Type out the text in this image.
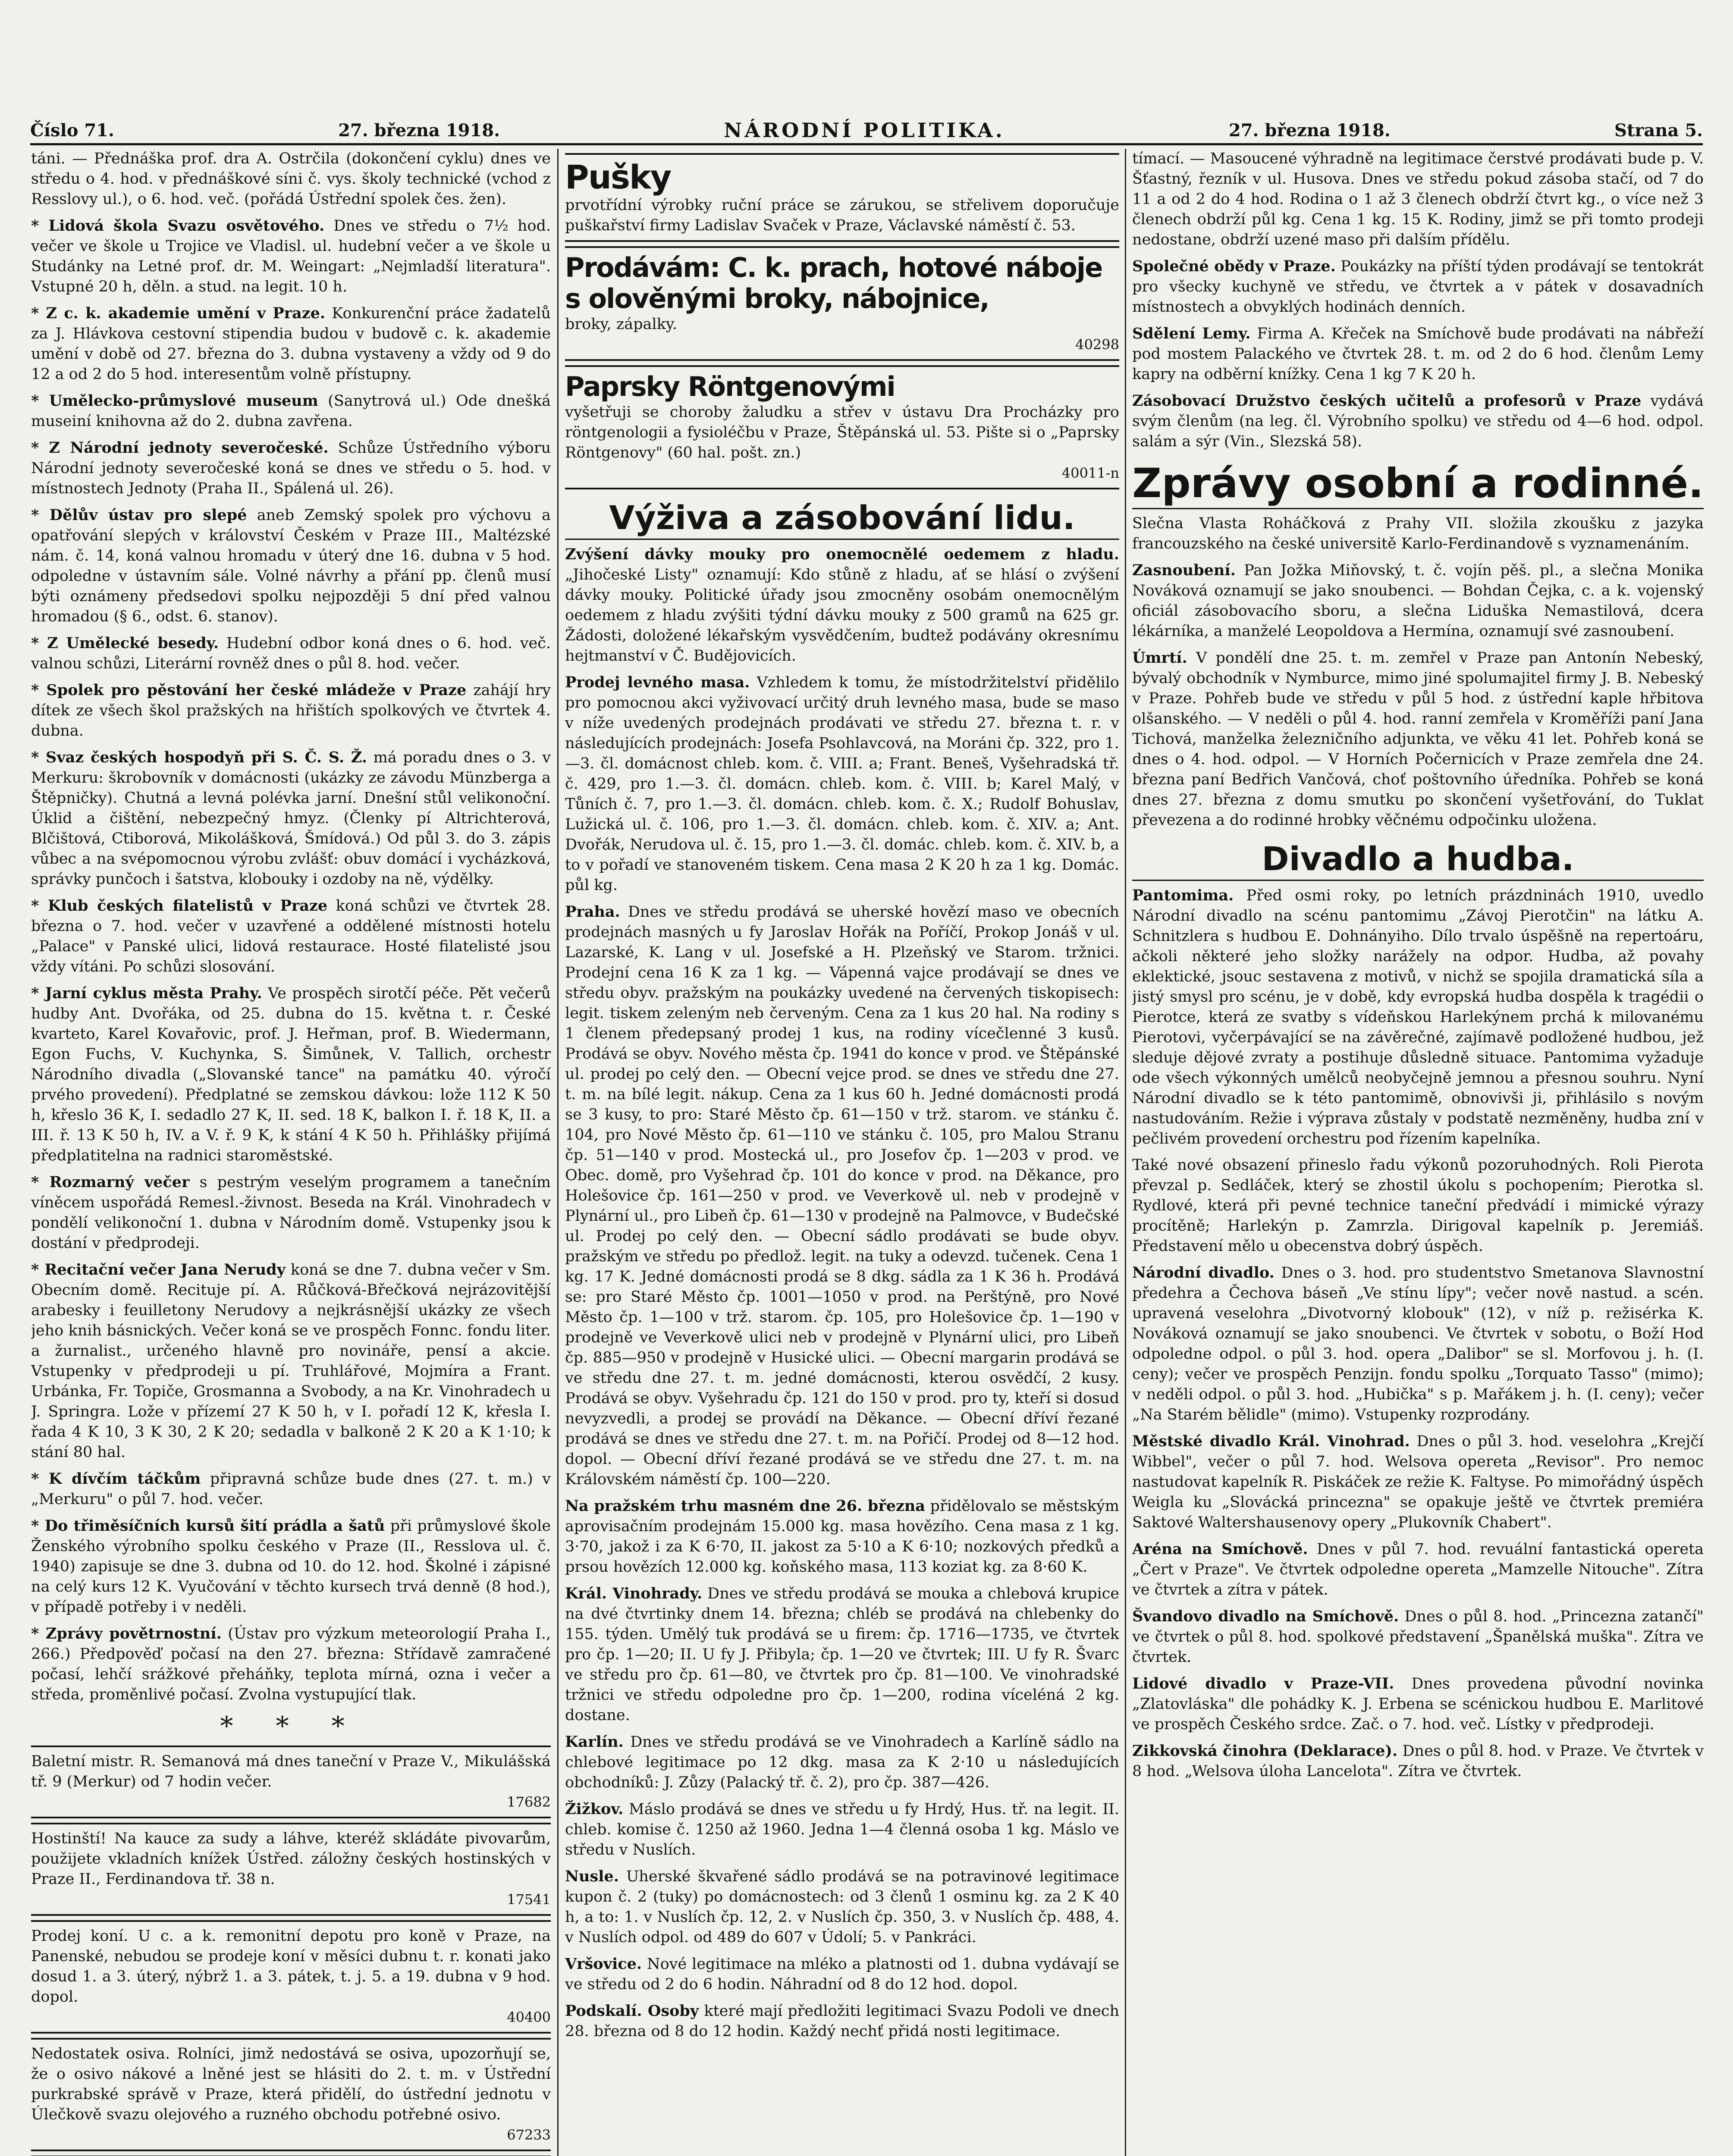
Číslo 71.	27. března 1918.	NÁRODNÍ POLITIKA.	27. března 1918.	Strana 5.

táni. — Přednáška prof. dra A. Ostrčila (dokončení cyklu) dnes ve středu o 4. hod. v přednáškové síni č. vys. školy technické (vchod z Resslovy ul.), o 6. hod. več. (pořádá Ústřední spolek čes. žen).

* Lidová škola Svazu osvětového. Dnes ve středu o 7½ hod. večer ve škole u Trojice ve Vladisl. ul. hudební večer a ve škole u Studánky na Letné prof. dr. M. Weingart: „Nejmladší literatura". Vstupné 20 h, děln. a stud. na legit. 10 h.

* Z c. k. akademie umění v Praze. Konkurenční práce žadatelů za J. Hlávkova cestovní stipendia budou v budově c. k. akademie umění v době od 27. března do 3. dubna vystaveny a vždy od 9 do 12 a od 2 do 5 hod. interesentům volně přístupny.

* Umělecko-průmyslové museum (Sanytrová ul.) Ode dnešká museiní knihovna až do 2. dubna zavřena.

* Z Národní jednoty severočeské. Schůze Ústředního výboru Národní jednoty severočeské koná se dnes ve středu o 5. hod. v místnostech Jednoty (Praha II., Spálená ul. 26).

* Dělův ústav pro slepé aneb Zemský spolek pro výchovu a opatřování slepých v království Českém v Praze III., Maltézské nám. č. 14, koná valnou hromadu v úterý dne 16. dubna v 5 hod. odpoledne v ústavním sále. Volné návrhy a přání pp. členů musí býti oznámeny předsedovi spolku nejpozději 5 dní před valnou hromadou (§ 6., odst. 6. stanov).

* Z Umělecké besedy. Hudební odbor koná dnes o 6. hod. več. valnou schůzi, Literární rovněž dnes o půl 8. hod. večer.

* Spolek pro pěstování her české mládeže v Praze zahájí hry dítek ze všech škol pražských na hřištích spolkových ve čtvrtek 4. dubna.

* Svaz českých hospodyň při S. Č. S. Ž. má poradu dnes o 3. v Merkuru: škrobovník v domácnosti (ukázky ze závodu Münzberga a Štěpničky). Chutná a levná polévka jarní. Dnešní stůl velikonoční. Úklid a čištění, nebezpečný hmyz. (Členky pí Altrichterová, Blčištová, Ctiborová, Mikolášková, Šmídová.) Od půl 3. do 3. zápis vůbec a na svépomocnou výrobu zvlášť: obuv domácí i vycházková, správky punčoch i šatstva, klobouky i ozdoby na ně, výdělky.

* Klub českých filatelistů v Praze koná schůzi ve čtvrtek 28. března o 7. hod. večer v uzavřené a oddělené místnosti hotelu „Palace" v Panské ulici, lidová restaurace. Hosté filatelisté jsou vždy vítáni. Po schůzi slosování.

* Jarní cyklus města Prahy. Ve prospěch sirotčí péče. Pět večerů hudby Ant. Dvořáka, od 25. dubna do 15. května t. r. České kvarteto, Karel Kovařovic, prof. J. Heřman, prof. B. Wiedermann, Egon Fuchs, V. Kuchynka, S. Šimůnek, V. Tallich, orchestr Národního divadla („Slovanské tance" na památku 40. výročí prvého provedení). Předplatné se zemskou dávkou: lože 112 K 50 h, křeslo 36 K, I. sedadlo 27 K, II. sed. 18 K, balkon I. ř. 18 K, II. a III. ř. 13 K 50 h, IV. a V. ř. 9 K, k stání 4 K 50 h. Přihlášky přijímá předplatitelna na radnici staroměstské.

* Rozmarný večer s pestrým veselým programem a tanečním víněcem uspořádá Remesl.-živnost. Beseda na Král. Vinohradech v pondělí velikonoční 1. dubna v Národním domě. Vstupenky jsou k dostání v předprodeji.

* Recitační večer Jana Nerudy koná se dne 7. dubna večer v Sm. Obecním domě. Recituje pí. A. Růčková-Břečková nejrázovitější arabesky i feuilletony Nerudovy a nejkrásnější ukázky ze všech jeho knih básnických. Večer koná se ve prospěch Fonnc. fondu liter. a žurnalist., určeného hlavně pro novináře, pensí a akcie. Vstupenky v předprodeji u pí. Truhlářové, Mojmíra a Frant. Urbánka, Fr. Topiče, Grosmanna a Svobody, a na Kr. Vinohradech u J. Springra. Lože v přízemí 27 K 50 h, v I. pořadí 12 K, křesla I. řada 4 K 10, 3 K 30, 2 K 20; sedadla v balkoně 2 K 20 a K 1·10; k stání 80 hal.

* K dívčím táčkům připravná schůze bude dnes (27. t. m.) v „Merkuru" o půl 7. hod. večer.

* Do třiměsíčních kursů šití prádla a šatů při průmyslové škole Ženského výrobního spolku českého v Praze (II., Resslova ul. č. 1940) zapisuje se dne 3. dubna od 10. do 12. hod. Školné i zápisné na celý kurs 12 K. Vyučování v těchto kursech trvá denně (8 hod.), v případě potřeby i v neděli.

* Zprávy povětrnostní. (Ústav pro výzkum meteorologií Praha I., 266.) Předpověď počasí na den 27. března: Střídavě zamračené počasí, lehčí srážkové přeháňky, teplota mírná, ozna i večer a středa, proměnlivé počasí. Zvolna vystupující tlak.

* * *

Baletní mistr. R. Semanová má dnes taneční v Praze V., Mikulášská tř. 9 (Merkur) od 7 hodin večer.

17682

Hostinští! Na kauce za sudy a láhve, kteréž skládáte pivovarům, použijete vkladních knížek Ústřed. záložny českých hostinských v Praze II., Ferdinandova tř. 38 n.

17541

Prodej koní. U c. a k. remonitní depotu pro koně v Praze, na Panenské, nebudou se prodeje koní v měsíci dubnu t. r. konati jako dosud 1. a 3. úterý, nýbrž 1. a 3. pátek, t. j. 5. a 19. dubna v 9 hod. dopol.

40400

Nedostatek osiva. Rolníci, jimž nedostává se osiva, upozorňují se, že o osivo nákové a lněné jest se hlásiti do 2. t. m. v Ústřední purkrabské správě v Praze, která přidělí, do ústřední jednotu v Úlečkově svazu olejového a ruzného obchodu potřebné osivo.

67233

Pušky

prvotřídní výrobky ruční práce se zárukou, se střelivem doporučuje puškařství firmy Ladislav Svaček v Praze, Václavské náměstí č. 53.

Prodávám: C. k. prach, hotové náboje s olověnými broky, nábojnice,

broky, zápalky.

40298

Paprsky Röntgenovými

vyšetřuji se choroby žaludku a střev v ústavu Dra Procházky pro röntgenologii a fysioléčbu v Praze, Štěpánská ul. 53. Pište si o „Paprsky Röntgenovy" (60 hal. pošt. zn.)

40011-n

Výživa a zásobování lidu.

Zvýšení dávky mouky pro onemocnělé oedemem z hladu. „Jihočeské Listy" oznamují: Kdo stůně z hladu, ať se hlásí o zvýšení dávky mouky. Politické úřady jsou zmocněny osobám onemocnělým oedemem z hladu zvýšiti týdní dávku mouky z 500 gramů na 625 gr. Žádosti, doložené lékařským vysvědčením, budtež podávány okresnímu hejtmanství v Č. Budějovicích.

Prodej levného masa. Vzhledem k tomu, že místodržitelství přidělilo pro pomocnou akci vyživovací určitý druh levného masa, bude se maso v níže uvedených prodejnách prodávati ve středu 27. března t. r. v následujících prodejnách: Josefa Psohlavcová, na Moráni čp. 322, pro 1.—3. čl. domácnost chleb. kom. č. VIII. a; Frant. Beneš, Vyšehradská tř. č. 429, pro 1.—3. čl. domácn. chleb. kom. č. VIII. b; Karel Malý, v Tůních č. 7, pro 1.—3. čl. domácn. chleb. kom. č. X.; Rudolf Bohuslav, Lužická ul. č. 106, pro 1.—3. čl. domácn. chleb. kom. č. XIV. a; Ant. Dvořák, Nerudova ul. č. 15, pro 1.—3. čl. domác. chleb. kom. č. XIV. b, a to v pořadí ve stanoveném tiskem. Cena masa 2 K 20 h za 1 kg. Domác. půl kg.

Praha. Dnes ve středu prodává se uherské hovězí maso ve obecních prodejnách masných u fy Jaroslav Hořák na Poříčí, Prokop Jonáš v ul. Lazarské, K. Lang v ul. Josefské a H. Plzeňský ve Starom. tržnici. Prodejní cena 16 K za 1 kg. — Vápenná vajce prodávají se dnes ve středu obyv. pražským na poukázky uvedené na červených tiskopisech: legit. tiskem zeleným neb červeným. Cena za 1 kus 20 hal. Na rodiny s 1 členem předepsaný prodej 1 kus, na rodiny vícečlenné 3 kusů. Prodává se obyv. Nového města čp. 1941 do konce v prod. ve Štěpánské ul. prodej po celý den. — Obecní vejce prod. se dnes ve středu dne 27. t. m. na bílé legit. nákup. Cena za 1 kus 60 h. Jedné domácnosti prodá se 3 kusy, to pro: Staré Město čp. 61—150 v trž. starom. ve stánku č. 104, pro Nové Město čp. 61—110 ve stánku č. 105, pro Malou Stranu čp. 51—140 v prod. Mostecká ul., pro Josefov čp. 1—203 v prod. ve Obec. domě, pro Vyšehrad čp. 101 do konce v prod. na Děkance, pro Holešovice čp. 161—250 v prod. ve Veverkově ul. neb v prodejně v Plynární ul., pro Libeň čp. 61—130 v prodejně na Palmovce, v Budečské ul. Prodej po celý den. — Obecní sádlo prodávati se bude obyv. pražským ve středu po předlož. legit. na tuky a odevzd. tučenek. Cena 1 kg. 17 K. Jedné domácnosti prodá se 8 dkg. sádla za 1 K 36 h. Prodává se: pro Staré Město čp. 1001—1050 v prod. na Perštýně, pro Nové Město čp. 1—100 v trž. starom. čp. 105, pro Holešovice čp. 1—190 v prodejně ve Veverkově ulici neb v prodejně v Plynární ulici, pro Libeň čp. 885—950 v prodejně v Husické ulici. — Obecní margarin prodává se ve středu dne 27. t. m. jedné domácnosti, kterou osvědčí, 2 kusy. Prodává se obyv. Vyšehradu čp. 121 do 150 v prod. pro ty, kteří si dosud nevyzvedli, a prodej se provádí na Děkance. — Obecní dříví řezané prodává se dnes ve středu dne 27. t. m. na Pořičí. Prodej od 8—12 hod. dopol. — Obecní dříví řezané prodává se ve středu dne 27. t. m. na Královském náměstí čp. 100—220.

Na pražském trhu masném dne 26. března přidělovalo se městským aprovisačním prodejnám 15.000 kg. masa hovězího. Cena masa z 1 kg. 3·70, jakož i za K 6·70, II. jakost za 5·10 a K 6·10; nozkových předků a prsou hovězích 12.000 kg. koňského masa, 113 koziat kg. za 8·60 K.

Král. Vinohrady. Dnes ve středu prodává se mouka a chlebová krupice na dvé čtvrtinky dnem 14. března; chléb se prodává na chlebenky do 155. týden. Umělý tuk prodává se u firem: čp. 1716—1735, ve čtvrtek pro čp. 1—20; II. U fy J. Přibyla; čp. 1—20 ve čtvrtek; III. U fy R. Švarc ve středu pro čp. 61—80, ve čtvrtek pro čp. 81—100. Ve vinohradské tržnici ve středu odpoledne pro čp. 1—200, rodina víceléná 2 kg. dostane.

Karlín. Dnes ve středu prodává se ve Vinohradech a Karlíně sádlo na chlebové legitimace po 12 dkg. masa za K 2·10 u následujících obchodníků: J. Zůzy (Palacký tř. č. 2), pro čp. 387—426.

Žižkov. Máslo prodává se dnes ve středu u fy Hrdý, Hus. tř. na legit. II. chleb. komise č. 1250 až 1960. Jedna 1—4 členná osoba 1 kg. Máslo ve středu v Nuslích.

Nusle. Uherské škvařené sádlo prodává se na potravinové legitimace kupon č. 2 (tuky) po domácnostech: od 3 členů 1 osminu kg. za 2 K 40 h, a to: 1. v Nuslích čp. 12, 2. v Nuslích čp. 350, 3. v Nuslích čp. 488, 4. v Nuslích odpol. od 489 do 607 v Údolí; 5. v Pankráci.

Vršovice. Nové legitimace na mléko a platnosti od 1. dubna vydávají se ve středu od 2 do 6 hodin. Náhradní od 8 do 12 hod. dopol.

Podskalí. Osoby které mají předložiti legitimaci Svazu Podoli ve dnech 28. března od 8 do 12 hodin. Každý nechť přidá nosti legitimace.

tímací. — Masoucené výhradně na legitimace čerstvé prodávati bude p. V. Šťastný, řezník v ul. Husova. Dnes ve středu pokud zásoba stačí, od 7 do 11 a od 2 do 4 hod. Rodina o 1 až 3 členech obdrží čtvrt kg., o více než 3 členech obdrží půl kg. Cena 1 kg. 15 K. Rodiny, jimž se při tomto prodeji nedostane, obdrží uzené maso při dalším přídělu.

Společné obědy v Praze. Poukázky na příští týden prodávají se tentokrát pro všecky kuchyně ve středu, ve čtvrtek a v pátek v dosavadních místnostech a obvyklých hodinách denních.

Sdělení Lemy. Firma A. Křeček na Smíchově bude prodávati na nábřeží pod mostem Palackého ve čtvrtek 28. t. m. od 2 do 6 hod. členům Lemy kapry na odběrní knížky. Cena 1 kg 7 K 20 h.

Zásobovací Družstvo českých učitelů a profesorů v Praze vydává svým členům (na leg. čl. Výrobního spolku) ve středu od 4—6 hod. odpol. salám a sýr (Vin., Slezská 58).

Zprávy osobní a rodinné.

Slečna Vlasta Roháčková z Prahy VII. složila zkoušku z jazyka francouzského na české universitě Karlo-Ferdinandově s vyznamenáním.

Zasnoubení. Pan Jožka Miňovský, t. č. vojín pěš. pl., a slečna Monika Nováková oznamují se jako snoubenci. — Bohdan Čejka, c. a k. vojenský oficiál zásobovacího sboru, a slečna Liduška Nemastilová, dcera lékárníka, a manželé Leopoldova a Hermína, oznamují své zasnoubení.

Úmrtí. V pondělí dne 25. t. m. zemřel v Praze pan Antonín Nebeský, bývalý obchodník v Nymburce, mimo jiné spolumajitel firmy J. B. Nebeský v Praze. Pohřeb bude ve středu v půl 5 hod. z ústřední kaple hřbitova olšanského. — V neděli o půl 4. hod. ranní zemřela v Kroměříži paní Jana Tichová, manželka železničního adjunkta, ve věku 41 let. Pohřeb koná se dnes o 4. hod. odpol. — V Horních Počernicích v Praze zemřela dne 24. března paní Bedřich Vančová, choť poštovního úředníka. Pohřeb se koná dnes 27. března z domu smutku po skončení vyšetřování, do Tuklat převezena a do rodinné hrobky věčnému odpočinku uložena.

Divadlo a hudba.

Pantomima. Před osmi roky, po letních prázdninách 1910, uvedlo Národní divadlo na scénu pantomimu „Závoj Pierotčin" na látku A. Schnitzlera s hudbou E. Dohnányiho. Dílo trvalo úspěšně na repertoáru, ačkoli některé jeho složky narážely na odpor. Hudba, až povahy eklektické, jsouc sestavena z motivů, v nichž se spojila dramatická síla a jistý smysl pro scénu, je v době, kdy evropská hudba dospěla k tragédii o Pierotce, která ze svatby s vídeňskou Harlekýnem prchá k milovanému Pierotovi, vyčerpávající se na závěrečné, zajímavě podložené hudbou, jež sleduje dějové zvraty a postihuje důsledně situace. Pantomima vyžaduje ode všech výkonných umělců neobyčejně jemnou a přesnou souhru. Nyní Národní divadlo se k této pantomimě, obnovivši ji, přihlásilo s novým nastudováním. Režie i výprava zůstaly v podstatě nezměněny, hudba zní v pečlivém provedení orchestru pod řízením kapelníka.

Také nové obsazení přineslo řadu výkonů pozoruhodných. Roli Pierota převzal p. Sedláček, který se zhostil úkolu s pochopením; Pierotka sl. Rydlové, která při pevné technice taneční předvádí i mimické výrazy procítěně; Harlekýn p. Zamrzla. Dirigoval kapelník p. Jeremiáš. Představení mělo u obecenstva dobrý úspěch.

Národní divadlo. Dnes o 3. hod. pro studentstvo Smetanova Slavnostní předehra a Čechova báseň „Ve stínu lípy"; večer nově nastud. a scén. upravená veselohra „Divotvorný klobouk" (12), v níž p. režisérka K. Nováková oznamují se jako snoubenci. Ve čtvrtek v sobotu, o Boží Hod odpoledne odpol. o půl 3. hod. opera „Dalibor" se sl. Morfovou j. h. (I. ceny); večer ve prospěch Penzijn. fondu spolku „Torquato Tasso" (mimo); v neděli odpol. o půl 3. hod. „Hubička" s p. Mařákem j. h. (I. ceny); večer „Na Starém bělidle" (mimo). Vstupenky rozprodány.

Městské divadlo Král. Vinohrad. Dnes o půl 3. hod. veselohra „Krejčí Wibbel", večer o půl 7. hod. Welsova opereta „Revisor". Pro nemoc nastudovat kapelník R. Piskáček ze režie K. Faltyse. Po mimořádný úspěch Weigla ku „Slovácká princezna" se opakuje ještě ve čtvrtek premiéra Saktové Waltershausenovy opery „Plukovník Chabert".

Aréna na Smíchově. Dnes v půl 7. hod. revuální fantastická opereta „Čert v Praze". Ve čtvrtek odpoledne opereta „Mamzelle Nitouche". Zítra ve čtvrtek a zítra v pátek.

Švandovo divadlo na Smíchově. Dnes o půl 8. hod. „Princezna zatančí" ve čtvrtek o půl 8. hod. spolkové představení „Španělská muška". Zítra ve čtvrtek.

Lidové divadlo v Praze-VII. Dnes provedena původní novinka „Zlatovláska" dle pohádky K. J. Erbena se scénickou hudbou E. Marlitové ve prospěch Českého srdce. Zač. o 7. hod. več. Lístky v předprodeji.

Zikkovská činohra (Deklarace). Dnes o půl 8. hod. v Praze. Ve čtvrtek v 8 hod. „Welsova úloha Lancelota". Zítra ve čtvrtek.
